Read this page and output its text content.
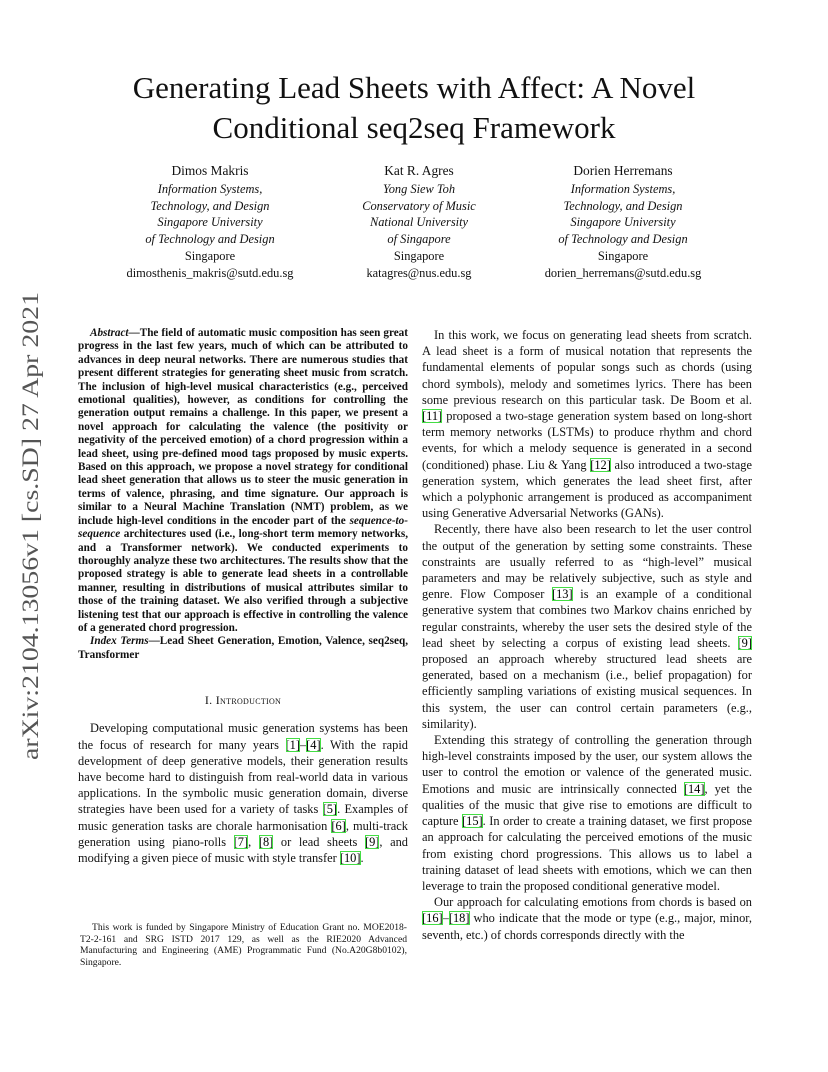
arXiv:2104.13056v1 [cs.SD] 27 Apr 2021
Generating Lead Sheets with Affect: A Novel
Conditional seq2seq Framework
Dimos Makris
Information Systems,
Technology, and Design
Singapore University
of Technology and Design
Singapore
dimosthenis_makris@sutd.edu.sg
Kat R. Agres
Yong Siew Toh
Conservatory of Music
National University
of Singapore
Singapore
katagres@nus.edu.sg
Dorien Herremans
Information Systems,
Technology, and Design
Singapore University
of Technology and Design
Singapore
dorien_herremans@sutd.edu.sg

Abstract—The field of automatic music composition has seen great progress in the last few years, much of which can be attributed to advances in deep neural networks. There are numerous studies that present different strategies for generating sheet music from scratch. The inclusion of high-level musical characteristics (e.g., perceived emotional qualities), however, as conditions for controlling the generation output remains a challenge. In this paper, we present a novel approach for calculating the valence (the positivity or negativity of the perceived emotion) of a chord progression within a lead sheet, using pre-defined mood tags proposed by music experts. Based on this approach, we propose a novel strategy for conditional lead sheet generation that allows us to steer the music generation in terms of valence, phrasing, and time signature. Our approach is similar to a Neural Machine Translation (NMT) problem, as we include high-level conditions in the encoder part of the sequence-to-sequence architectures used (i.e., long-short term memory networks, and a Transformer network). We conducted experiments to thoroughly analyze these two architectures. The results show that the proposed strategy is able to generate lead sheets in a controllable manner, resulting in distributions of musical attributes similar to those of the training dataset. We also verified through a subjective listening test that our approach is effective in controlling the valence of a generated chord progression.

Index Terms—Lead Sheet Generation, Emotion, Valence, seq2seq, Transformer

I. Introduction

Developing computational music generation systems has been the focus of research for many years [1]–[4]. With the rapid development of deep generative models, their generation results have become hard to distinguish from real-world data in various applications. In the symbolic music generation domain, diverse strategies have been used for a variety of tasks [5]. Examples of music generation tasks are chorale harmonisation [6], multi-track generation using piano-rolls [7], [8] or lead sheets [9], and modifying a given piece of music with style transfer [10].

This work is funded by Singapore Ministry of Education Grant no. MOE2018-T2-2-161 and SRG ISTD 2017 129, as well as the RIE2020 Advanced Manufacturing and Engineering (AME) Programmatic Fund (No.A20G8b0102), Singapore.

In this work, we focus on generating lead sheets from scratch. A lead sheet is a form of musical notation that represents the fundamental elements of popular songs such as chords (using chord symbols), melody and sometimes lyrics. There has been some previous research on this particular task. De Boom et al. [11] proposed a two-stage generation system based on long-short term memory networks (LSTMs) to produce rhythm and chord events, for which a melody sequence is generated in a second (conditioned) phase. Liu & Yang [12] also introduced a two-stage generation system, which generates the lead sheet first, after which a polyphonic arrangement is produced as accompaniment using Generative Adversarial Networks (GANs).

Recently, there have also been research to let the user control the output of the generation by setting some constraints. These constraints are usually referred to as “high-level” musical parameters and may be relatively subjective, such as style and genre. Flow Composer [13] is an example of a conditional generative system that combines two Markov chains enriched by regular constraints, whereby the user sets the desired style of the lead sheet by selecting a corpus of existing lead sheets. [9] proposed an approach whereby structured lead sheets are generated, based on a mechanism (i.e., belief propagation) for efficiently sampling variations of existing musical sequences. In this system, the user can control certain parameters (e.g., similarity).

Extending this strategy of controlling the generation through high-level constraints imposed by the user, our system allows the user to control the emotion or valence of the generated music. Emotions and music are intrinsically connected [14], yet the qualities of the music that give rise to emotions are difficult to capture [15]. In order to create a training dataset, we first propose an approach for calculating the perceived emotions of the music from existing chord progressions. This allows us to label a training dataset of lead sheets with emotions, which we can then leverage to train the proposed conditional generative model.

Our approach for calculating emotions from chords is based on [16]–[18] who indicate that the mode or type (e.g., major, minor, seventh, etc.) of chords corresponds directly with the
